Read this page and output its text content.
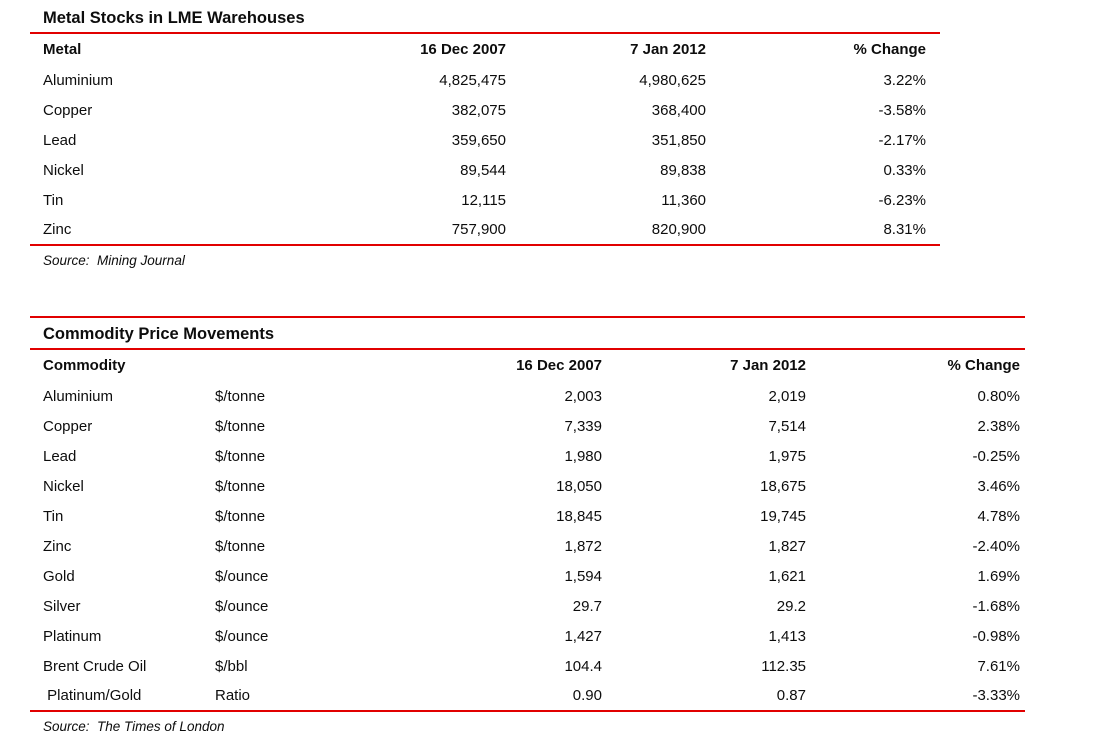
Metal Stocks in LME Warehouses
Metal	16 Dec 2007	7 Jan 2012	% Change
Aluminium	4,825,475	4,980,625	3.22%
Copper	382,075	368,400	-3.58%
Lead	359,650	351,850	-2.17%
Nickel	89,544	89,838	0.33%
Tin	12,115	11,360	-6.23%
Zinc	757,900	820,900	8.31%
Source:  Mining Journal
Commodity Price Movements
Commodity		16 Dec 2007	7 Jan 2012	% Change
Aluminium	$/tonne	2,003	2,019	0.80%
Copper	$/tonne	7,339	7,514	2.38%
Lead	$/tonne	1,980	1,975	-0.25%
Nickel	$/tonne	18,050	18,675	3.46%
Tin	$/tonne	18,845	19,745	4.78%
Zinc	$/tonne	1,872	1,827	-2.40%
Gold	$/ounce	1,594	1,621	1.69%
Silver	$/ounce	29.7	29.2	-1.68%
Platinum	$/ounce	1,427	1,413	-0.98%
Brent Crude Oil	$/bbl	104.4	112.35	7.61%
Platinum/Gold	Ratio	0.90	0.87	-3.33%
Source:  The Times of London
